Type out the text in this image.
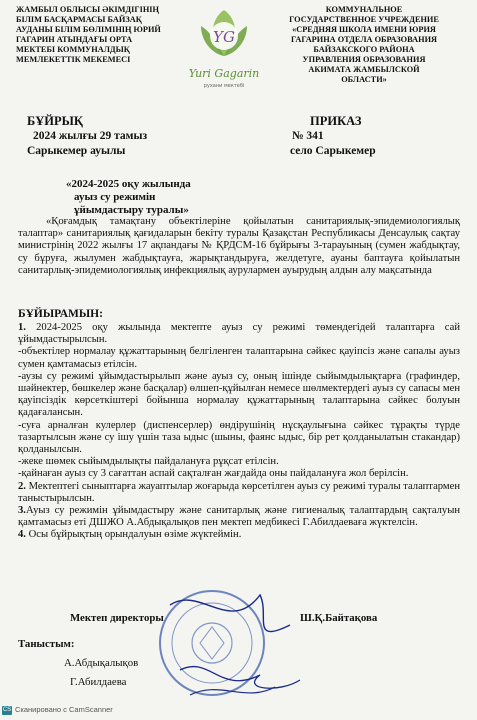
ЖАМБЫЛ ОБЛЫСЫ ӘКІМДІГІНІҢ
БІЛІМ БАСҚАРМАСЫ БАЙЗАҚ
АУДАНЫ БІЛІМ БӨЛІМІНІҢ ЮРИЙ
ГАГАРИН АТЫНДАҒЫ ОРТА
МЕКТЕБІ КОММУНАЛДЫҚ
МЕМЛЕКЕТТІК МЕКЕМЕСІ
YG
Yuri Gagarin
рухани мектебі
КОММУНАЛЬНОЕ
ГОСУДАРСТВЕННОЕ УЧРЕЖДЕНИЕ
«СРЕДНЯЯ ШКОЛА ИМЕНИ ЮРИЯ
ГАГАРИНА ОТДЕЛА ОБРАЗОВАНИЯ
БАЙЗАКСКОГО РАЙОНА
УПРАВЛЕНИЯ ОБРАЗОВАНИЯ
АКИМАТА ЖАМБЫЛСКОЙ
ОБЛАСТИ»
БҰЙРЫҚ
2024 жылғы 29 тамыз
Сарыкемер ауылы
ПРИКАЗ
№ 341
село Сарыкемер
«2024-2025 оқу жылында
ауыз су режимін
ұйымдастыру туралы»
«Қоғамдық тамақтану объектілеріне қойылатын санитариялық-эпидемиологиялық талаптар» санитариялық қағидаларын бекіту туралы Қазақстан Республикасы Денсаулық сақтау министрінің 2022 жылғы 17 ақпандағы № ҚРДСМ-16 бұйрығы 3-тарауының (сумен жабдықтау, су бұруға, жылумен жабдықтауға, жарықтандыруға, желдетуге, ауаны баптауға қойылатын санитарлық-эпидемиологиялық инфекциялық аурулармен ауырудың алдын алу мақсатында
БҰЙЫРАМЫН:
1. 2024-2025 оқу жылында мектепте ауыз су режимі төмендегідей талаптарға сай ұйымдастырылсын.
-объектілер нормалау құжаттарының белгіленген талаптарына сәйкес қауіпсіз және сапалы ауыз сумен қамтамасыз етілсін.
-аузы су режимі ұйымдастырылып және ауыз су, оның ішінде сыйымдылықтарға (графиндер, шәйнектер, бөшкелер және басқалар) өлшеп-құйылған немесе шөлмектердегі ауыз су сапасы мен қауіпсіздік көрсеткіштері бойынша нормалау құжаттарының талаптарына сәйкес болуын қадағалансын.
-суға арналған кулерлер (диспенсерлер) өндірушінің нұсқаулығына сәйкес тұрақты түрде тазартылсын және су ішу үшін таза ыдыс (шыны, фаянс ыдыс, бір рет қолданылатын стакандар) қолданылсын.
-жеке шөмек сыйымдылықты пайдалануға рұқсат етілсін.
-қайнаған ауыз су 3 сағаттан аспай сақталған жағдайда оны пайдалануға жол берілсін.
2. Мектептегі сыныптарға жауаптылар жоғарыда көрсетілген ауыз су режимі туралы талаптармен таныстырылсын.
3.Ауыз су режимін ұйымдастыру және санитарлық және гигиеналық талаптардың сақталуын қамтамасыз еті ДШЖО А.Абдықалықов пен мектеп медбикесі Г.Абилдаеваға жүктелсін.
4. Осы бұйрықтың орындалуын өзіме жүктеймін.
Мектеп директоры	Ш.Қ.Байтақова
Таныстым:
А.Абдықалықов
Г.Абилдаева
CS Сканировано с CamScanner
